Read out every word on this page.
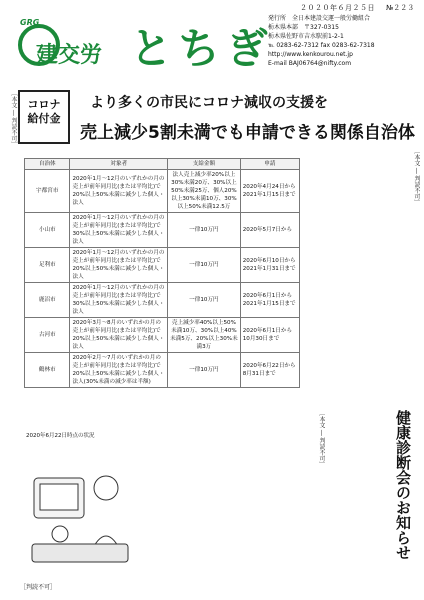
２０２０年６月２５日 №２２３
GRG
建交労 とちぎ
発行所　全日本建設交運一般労働組合
栃木県本部　〒327-0315
栃木県佐野市吉水駅前1-2-1
℡ 0283-62-7312 fax 0283-62-7318
http://www.kenkourou.net.jp
E-mail BAJ06764@nifty.com
［本文 ― 判読不可］ コロナ
給付金
より多くの市民にコロナ減収の支援を
売上減少5割未満でも申請できる関係自治体
自治体	対象者	支給金額	申請
宇都宮市	2020年1月～12月のいずれかの月の売上が前年同月比(または平均比)で20%以上50%未満に減少した個人・法人	法人売上減少率20%以上30%未満20万、30%以上50%未満25万、個人20%以上30%未満10万、30%以上50%未満12.5万	2020年4月24日から2021年1月15日まで
小山市	2020年1月～12月のいずれかの月の売上が前年同月比(または平均比)で30%以上50%未満に減少した個人・法人	一律10万円	2020年5月7日から
足利市	2020年1月～12月のいずれかの月の売上が前年同月比(または平均比)で20%以上50%未満に減少した個人・法人	一律10万円	2020年6月10日から2021年1月31日まで
鹿沼市	2020年1月～12月のいずれかの月の売上が前年同月比(または平均比)で30%以上50%未満に減少した個人・法人	一律10万円	2020年6月1日から2021年1月15日まで
古河市	2020年3月～8月のいずれかの月の売上が前年同月比(または平均比)で20%以上50%未満に減少した個人・法人	売上減少率40%以上50%未満10万、30%以上40%未満5万、20%以上30%未満3万	2020年6月1日から10月30日まで
鶴林市	2020年2月～7月のいずれかの月の売上が前年同月比(または平均比)で20%以上50%未満に減少した個人・法人(30%未満の減少率は半額)	一律10万円	2020年6月22日から8月31日まで
2020年6月22日時点の状況
［本文 ― 判読不可］
健康診断会のお知らせ
［本文 ― 判読不可］
［判読不可］
